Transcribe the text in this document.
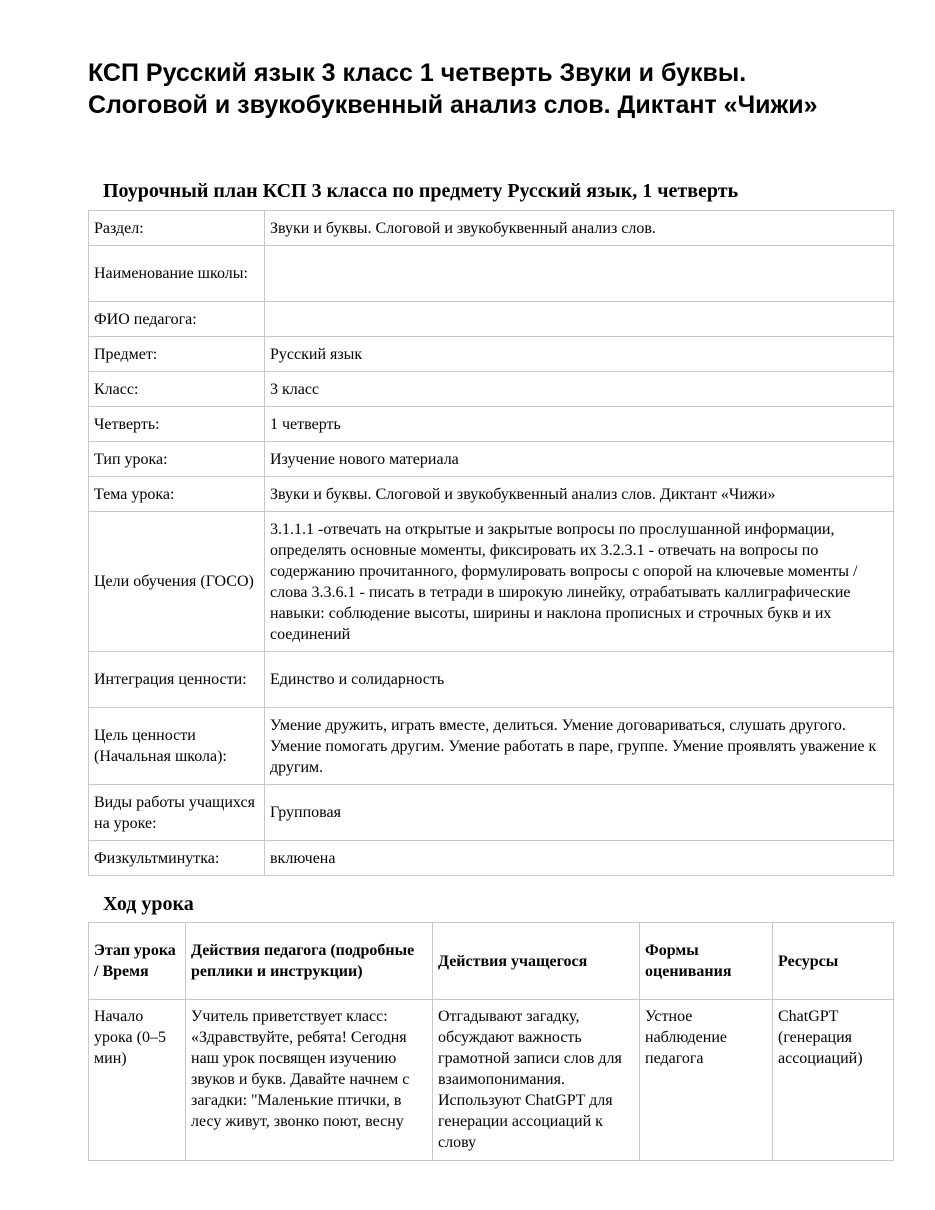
КСП Русский язык 3 класс 1 четверть Звуки и буквы. Слоговой и звукобуквенный анализ слов. Диктант «Чижи»
Поурочный план КСП 3 класса по предмету Русский язык, 1 четверть
Раздел:	Звуки и буквы. Слоговой и звукобуквенный анализ слов.
Наименование школы:	
ФИО педагога:	
Предмет:	Русский язык
Класс:	3 класс
Четверть:	1 четверть
Тип урока:	Изучение нового материала
Тема урока:	Звуки и буквы. Слоговой и звукобуквенный анализ слов. Диктант «Чижи»
Цели обучения (ГОСО)	3.1.1.1 -отвечать на открытые и закрытые вопросы по прослушанной информации, определять основные моменты, фиксировать их 3.2.3.1 - отвечать на вопросы по содержанию прочитанного, формулировать вопросы с опорой на ключевые моменты / слова 3.3.6.1 - писать в тетради в широкую линейку, отрабатывать каллиграфические навыки: соблюдение высоты, ширины и наклона прописных и строчных букв и их соединений
Интеграция ценности:	Единство и солидарность
Цель ценности (Начальная школа):	Умение дружить, играть вместе, делиться. Умение договариваться, слушать другого. Умение помогать другим. Умение работать в паре, группе. Умение проявлять уважение к другим.
Виды работы учащихся на уроке:	Групповая
Физкультминутка:	включена
Ход урока
Этап урока / Время	Действия педагога (подробные реплики и инструкции)	Действия учащегося	Формы оценивания	Ресурсы
Начало урока (0–5 мин)	Учитель приветствует класс: «Здравствуйте, ребята! Сегодня наш урок посвящен изучению звуков и букв. Давайте начнем с загадки: "Маленькие птички, в лесу живут, звонко поют, весну	Отгадывают загадку, обсуждают важность грамотной записи слов для взаимопонимания. Используют ChatGPT для генерации ассоциаций к слову	Устное наблюдение педагога	ChatGPT (генерация ассоциаций)
